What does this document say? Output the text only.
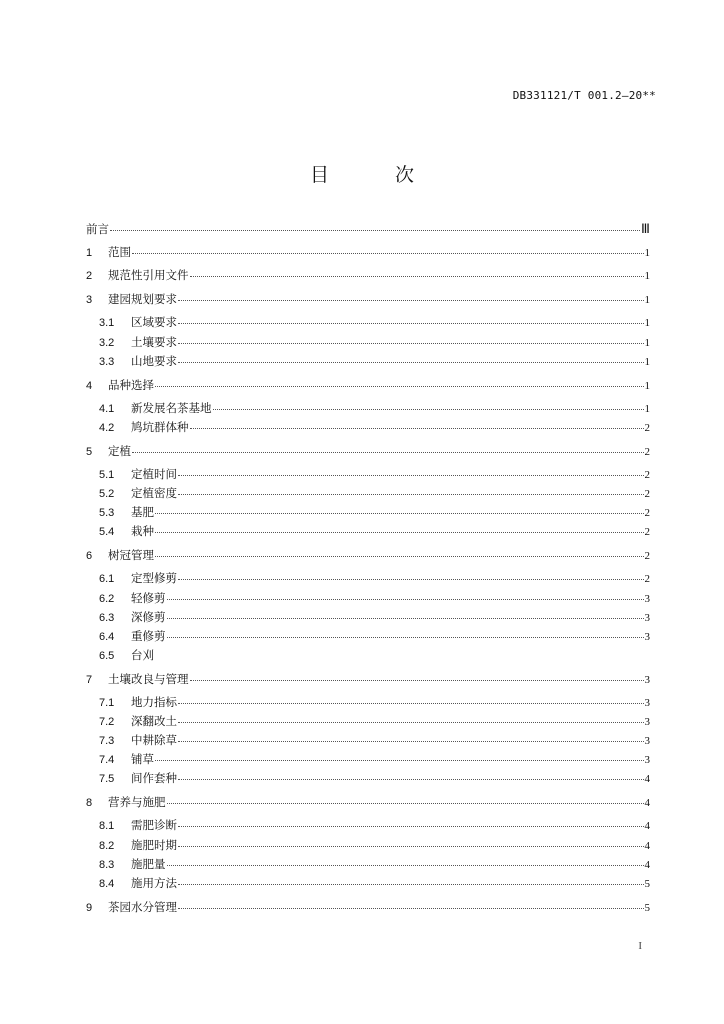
DB331121/T 001.2—20**
目 次
前言	Ⅲ
1	范围	1
2	规范性引用文件	1
3	建园规划要求	1
3.1	区域要求	1
3.2	土壤要求	1
3.3	山地要求	1
4	品种选择	1
4.1	新发展名茶基地	1
4.2	鸠坑群体种	2
5	定植	2
5.1	定植时间	2
5.2	定植密度	2
5.3	基肥	2
5.4	栽种	2
6	树冠管理	2
6.1	定型修剪	2
6.2	轻修剪	3
6.3	深修剪	3
6.4	重修剪	3
6.5	台刈
7	土壤改良与管理	3
7.1	地力指标	3
7.2	深翻改土	3
7.3	中耕除草	3
7.4	铺草	3
7.5	间作套种	4
8	营养与施肥	4
8.1	需肥诊断	4
8.2	施肥时期	4
8.3	施肥量	4
8.4	施用方法	5
9	茶园水分管理	5
I
